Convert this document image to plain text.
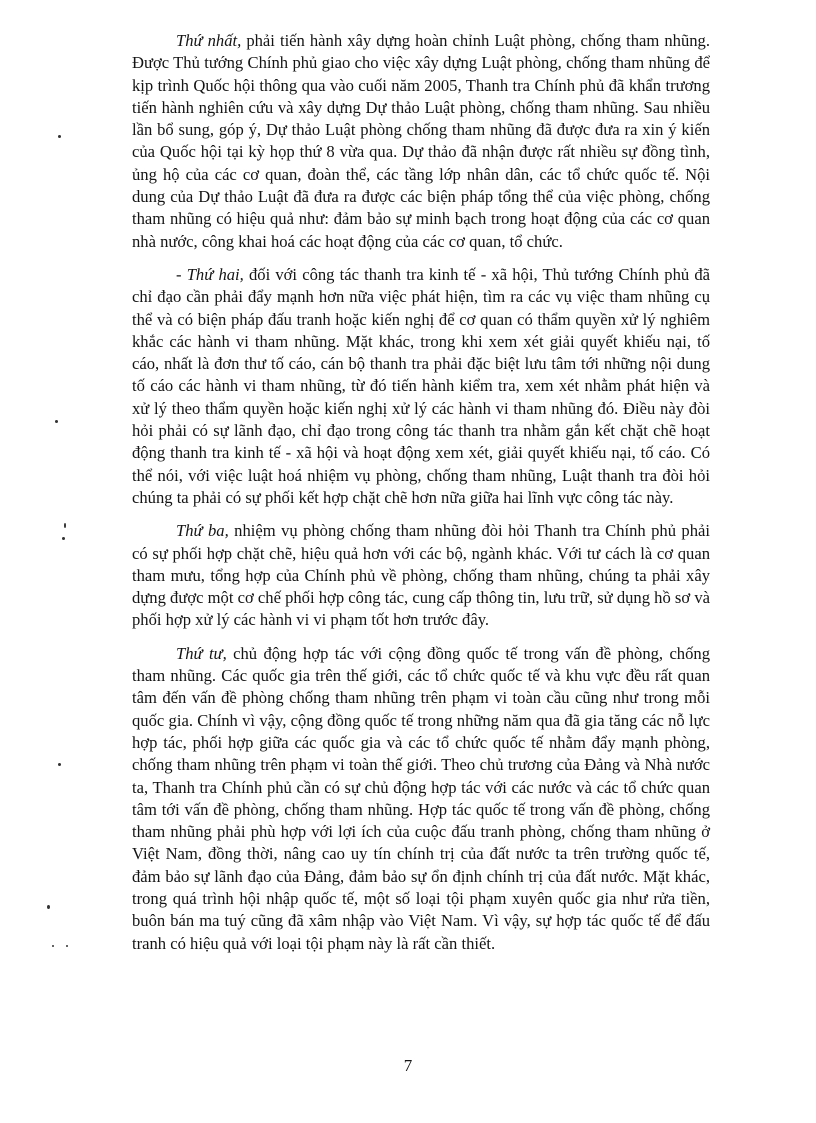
Thứ nhất, phải tiến hành xây dựng hoàn chỉnh Luật phòng, chống tham nhũng. Được Thủ tướng Chính phủ giao cho việc xây dựng Luật phòng, chống tham nhũng để kịp trình Quốc hội thông qua vào cuối năm 2005, Thanh tra Chính phủ đã khẩn trương tiến hành nghiên cứu và xây dựng Dự thảo Luật phòng, chống tham nhũng. Sau nhiều lần bổ sung, góp ý, Dự thảo Luật phòng chống tham nhũng đã được đưa ra xin ý kiến của Quốc hội tại kỳ họp thứ 8 vừa qua. Dự thảo đã nhận được rất nhiều sự đồng tình, ủng hộ của các cơ quan, đoàn thể, các tầng lớp nhân dân, các tổ chức quốc tế. Nội dung của Dự thảo Luật đã đưa ra được các biện pháp tổng thể của việc phòng, chống tham nhũng có hiệu quả như: đảm bảo sự minh bạch trong hoạt động của các cơ quan nhà nước, công khai hoá các hoạt động của các cơ quan, tổ chức.

- Thứ hai, đối với công tác thanh tra kinh tế - xã hội, Thủ tướng Chính phủ đã chỉ đạo cần phải đẩy mạnh hơn nữa việc phát hiện, tìm ra các vụ việc tham nhũng cụ thể và có biện pháp đấu tranh hoặc kiến nghị để cơ quan có thẩm quyền xử lý nghiêm khắc các hành vi tham nhũng. Mặt khác, trong khi xem xét giải quyết khiếu nại, tố cáo, nhất là đơn thư tố cáo, cán bộ thanh tra phải đặc biệt lưu tâm tới những nội dung tố cáo các hành vi tham nhũng, từ đó tiến hành kiểm tra, xem xét nhằm phát hiện và xử lý theo thẩm quyền hoặc kiến nghị xử lý các hành vi tham nhũng đó. Điều này đòi hỏi phải có sự lãnh đạo, chỉ đạo trong công tác thanh tra nhằm gắn kết chặt chẽ hoạt động thanh tra kinh tế - xã hội và hoạt động xem xét, giải quyết khiếu nại, tố cáo. Có thể nói, với việc luật hoá nhiệm vụ phòng, chống tham nhũng, Luật thanh tra đòi hỏi chúng ta phải có sự phối kết hợp chặt chẽ hơn nữa giữa hai lĩnh vực công tác này.

Thứ ba, nhiệm vụ phòng chống tham nhũng đòi hỏi Thanh tra Chính phủ phải có sự phối hợp chặt chẽ, hiệu quả hơn với các bộ, ngành khác. Với tư cách là cơ quan tham mưu, tổng hợp của Chính phủ về phòng, chống tham nhũng, chúng ta phải xây dựng được một cơ chế phối hợp công tác, cung cấp thông tin, lưu trữ, sử dụng hồ sơ và phối hợp xử lý các hành vi vi phạm tốt hơn trước đây.

Thứ tư, chủ động hợp tác với cộng đồng quốc tế trong vấn đề phòng, chống tham nhũng. Các quốc gia trên thế giới, các tổ chức quốc tế và khu vực đều rất quan tâm đến vấn đề phòng chống tham nhũng trên phạm vi toàn cầu cũng như trong mỗi quốc gia. Chính vì vậy, cộng đồng quốc tế trong những năm qua đã gia tăng các nỗ lực hợp tác, phối hợp giữa các quốc gia và các tổ chức quốc tế nhằm đẩy mạnh phòng, chống tham nhũng trên phạm vi toàn thế giới. Theo chủ trương của Đảng và Nhà nước ta, Thanh tra Chính phủ cần có sự chủ động hợp tác với các nước và các tổ chức quan tâm tới vấn đề phòng, chống tham nhũng. Hợp tác quốc tế trong vấn đề phòng, chống tham nhũng phải phù hợp với lợi ích của cuộc đấu tranh phòng, chống tham nhũng ở Việt Nam, đồng thời, nâng cao uy tín chính trị của đất nước ta trên trường quốc tế, đảm bảo sự lãnh đạo của Đảng, đảm bảo sự ổn định chính trị của đất nước. Mặt khác, trong quá trình hội nhập quốc tế, một số loại tội phạm xuyên quốc gia như rửa tiền, buôn bán ma tuý cũng đã xâm nhập vào Việt Nam. Vì vậy, sự hợp tác quốc tế để đấu tranh có hiệu quả với loại tội phạm này là rất cần thiết.

7
